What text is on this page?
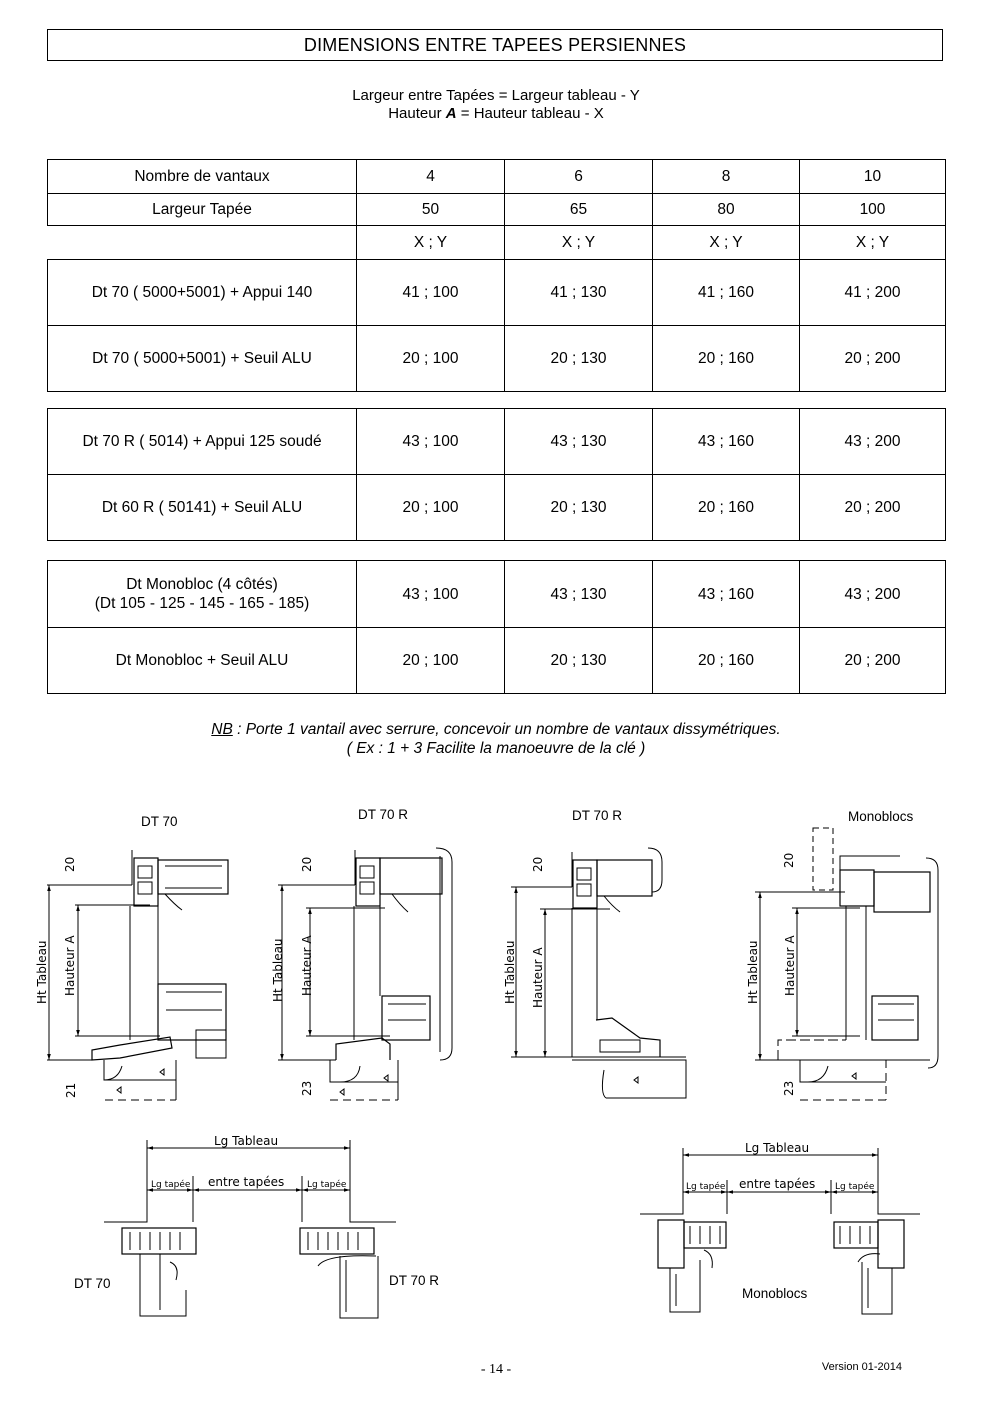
DIMENSIONS ENTRE TAPEES PERSIENNES
Largeur entre Tapées = Largeur tableau - Y
Hauteur A = Hauteur tableau - X
Nombre de vantaux	4	6	8	10
Largeur Tapée	50	65	80	100
	X ; Y	X ; Y	X ; Y	X ; Y
Dt 70 ( 5000+5001) + Appui 140	41 ; 100	41 ; 130	41 ; 160	41 ; 200
Dt 70 ( 5000+5001) + Seuil ALU	20 ; 100	20 ; 130	20 ; 160	20 ; 200
Dt 70 R ( 5014) + Appui 125 soudé	43 ; 100	43 ; 130	43 ; 160	43 ; 200
Dt 60 R ( 50141) + Seuil ALU	20 ; 100	20 ; 130	20 ; 160	20 ; 200
Dt Monobloc (4 côtés)
(Dt 105 - 125 - 145 - 165 - 185)	43 ; 100	43 ; 130	43 ; 160	43 ; 200

Dt Monobloc + Seuil ALU	20 ; 100	20 ; 130	20 ; 160	20 ; 200
NB : Porte 1 vantail avec serrure, concevoir un nombre de vantaux dissymétriques.
( Ex : 1 + 3 Facilite la manoeuvre de la clé )
DT 70	DT 70 R	DT 70 R	Monoblocs
DT 70	DT 70 R
Monoblocs
20
21
Ht Tableau Hauteur A
20
23
Ht Tableau Hauteur A
20
Ht Tableau Hauteur A
20
23
Ht Tableau Hauteur A
Lg Tableau
Lg tapée entre tapées	Lg tapée
Lg Tableau
Lg tapée entre tapées Lg tapée
- 14 -	Version 01-2014
